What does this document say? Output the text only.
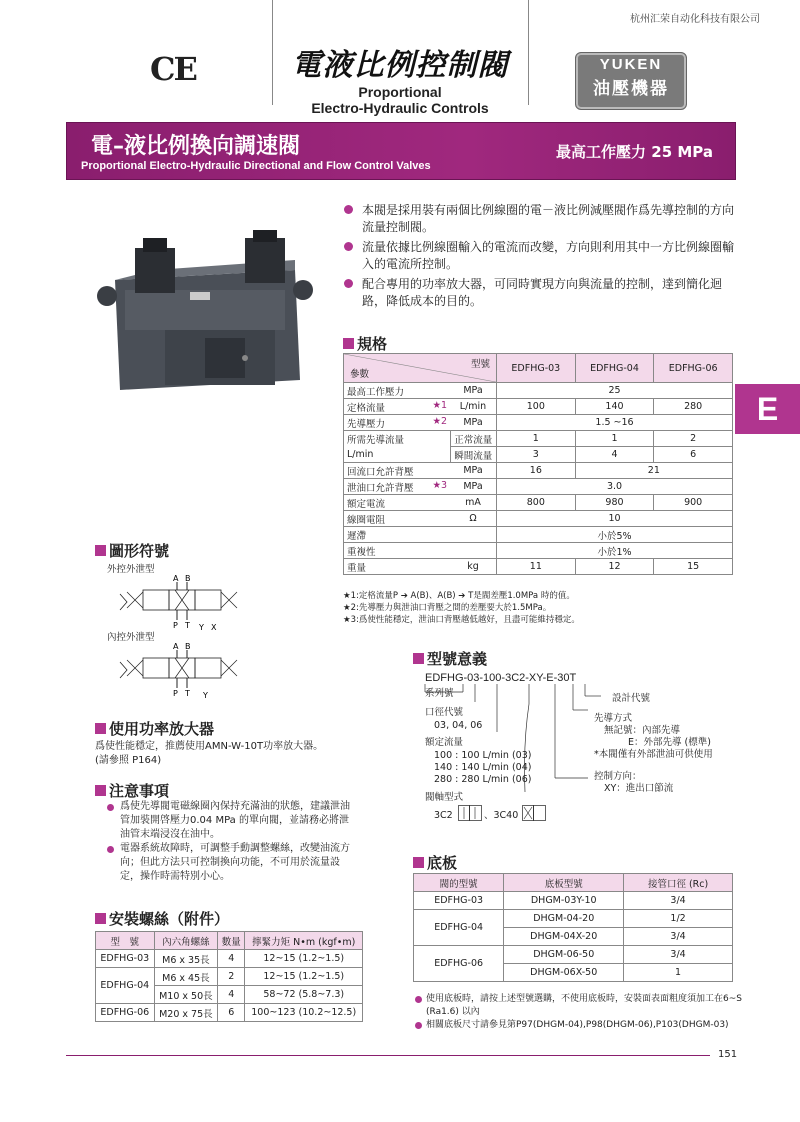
杭州汇荣自动化科技有限公司
CE	電液比例控制閥
Proportional
Electro-Hydraulic Controls
YUKEN
油壓機器
電–液比例換向調速閥
Proportional Electro-Hydraulic Directional and Flow Control Valves
最高工作壓力 25 MPa
E
本閥是採用裝有兩個比例線圈的電－液比例減壓閥作爲先導控制的方向流量控制閥。
流量依據比例線圈輸入的電流而改變，方向則利用其中一方比例線圈輸入的電流所控制。
配合專用的功率放大器，可同時實現方向與流量的控制，達到簡化迴路，降低成本的目的。
規格
型號
參數		EDFHG-03	EDFHG-04	EDFHG-06
最高工作壓力	MPa	25		
定格流量 ★1	L/min	100	140	280
先導壓力 ★2	MPa	1.5 ~16		
所需先導流量	正常流量	1	1	2
L/min	瞬間流量	3	4	6
回流口允許背壓	MPa	16	21	
泄油口允許背壓 ★3	MPa	3.0		
額定電流	mA	800	980	900
線圈電阻	Ω	10		
遲滯		小於5%		
重複性		小於1%		
重量	kg	11	12	15
★1:定格流量P ➔ A(B)、A(B) ➔ T是閥差壓1.0MPa 時的值。
★2:先導壓力與泄油口背壓之間的差壓要大於1.5MPa。
★3:爲使性能穩定，泄油口背壓越低越好，且盡可能維持穩定。
圖形符號
外控外泄型
A B
P T Y X
內控外泄型
A B
P T Y
使用功率放大器
爲使性能穩定，推薦使用AMN-W-10T功率放大器。
(請參照 P164)
注意事項
爲使先導閥電磁線圈內保持充滿油的狀態，建議泄油管加裝開啓壓力0.04 MPa 的單向閥，並請務必將泄油管末端浸沒在油中。
電器系統故障時，可調整手動調整螺絲，改變油流方向；但此方法只可控制換向功能，不可用於流量設定，操作時需特別小心。
安裝螺絲（附件）
型　號	內六角螺絲	數量	擰緊力矩 N•m (kgf•m)
EDFHG-03	M6 x 35長	4	12~15 (1.2~1.5)
EDFHG-04	M6 x 45長	2	12~15 (1.2~1.5)
	M10 x 50長	4	58~72 (5.8~7.3)
EDFHG-06	M20 x 75長	6	100~123 (10.2~12.5)
型號意義
EDFHG-03-100-3C2-XY-E-30T
系列號
口徑代號
03, 04, 06
額定流量
100 : 100 L/min (03)
140 : 140 L/min (04)
280 : 280 L/min (06)
閥軸型式
3C2	、3C40
設計代號
先導方式
無記號：內部先導
E：外部先導 (標準)
*本閥僅有外部泄油可供使用
控制方向：
XY：進出口節流
底板
閥的型號	底板型號	接管口徑 (Rc)
EDFHG-03	DHGM-03Y-10	3/4
EDFHG-04	DHGM-04-20	1/2
	DHGM-04X-20	3/4
EDFHG-06	DHGM-06-50	3/4
	DHGM-06X-50	1
使用底板時，請按上述型號選購，不使用底板時，安裝面表面粗度須加工在6~S (Ra1.6) 以內
相關底板尺寸請參見第P97(DHGM-04),P98(DHGM-06),P103(DHGM-03)
151
